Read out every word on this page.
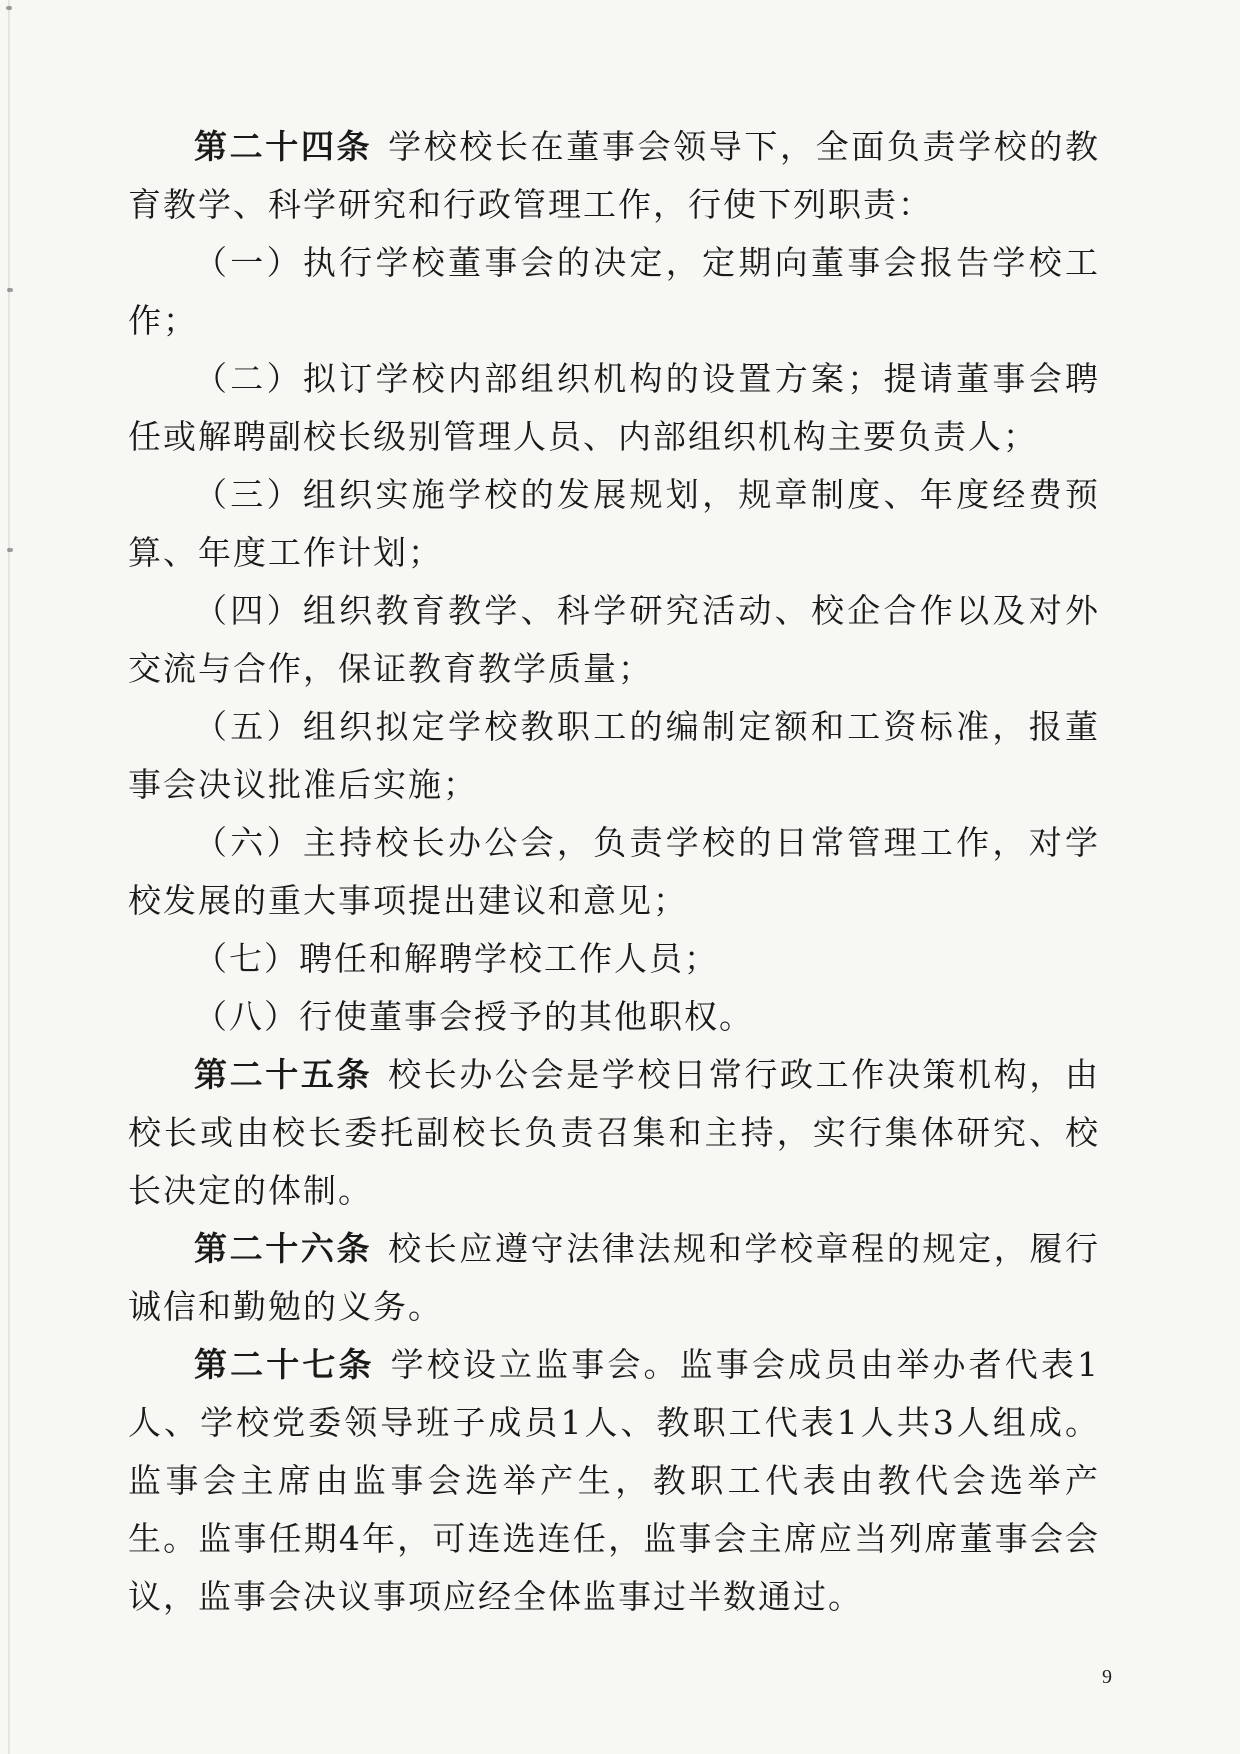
第二十四条 学校校长在董事会领导下，全面负责学校的教育教学、科学研究和行政管理工作，行使下列职责：

（一）执行学校董事会的决定，定期向董事会报告学校工作；

（二）拟订学校内部组织机构的设置方案；提请董事会聘任或解聘副校长级别管理人员、内部组织机构主要负责人；

（三）组织实施学校的发展规划，规章制度、年度经费预算、年度工作计划；

（四）组织教育教学、科学研究活动、校企合作以及对外交流与合作，保证教育教学质量；

（五）组织拟定学校教职工的编制定额和工资标准，报董事会决议批准后实施；

（六）主持校长办公会，负责学校的日常管理工作，对学校发展的重大事项提出建议和意见；

（七）聘任和解聘学校工作人员；

（八）行使董事会授予的其他职权。

第二十五条 校长办公会是学校日常行政工作决策机构，由校长或由校长委托副校长负责召集和主持，实行集体研究、校长决定的体制。

第二十六条 校长应遵守法律法规和学校章程的规定，履行诚信和勤勉的义务。

第二十七条 学校设立监事会。监事会成员由举办者代表1人、学校党委领导班子成员1人、教职工代表1人共3人组成。监事会主席由监事会选举产生，教职工代表由教代会选举产生。监事任期4年，可连选连任，监事会主席应当列席董事会会议，监事会决议事项应经全体监事过半数通过。

9
